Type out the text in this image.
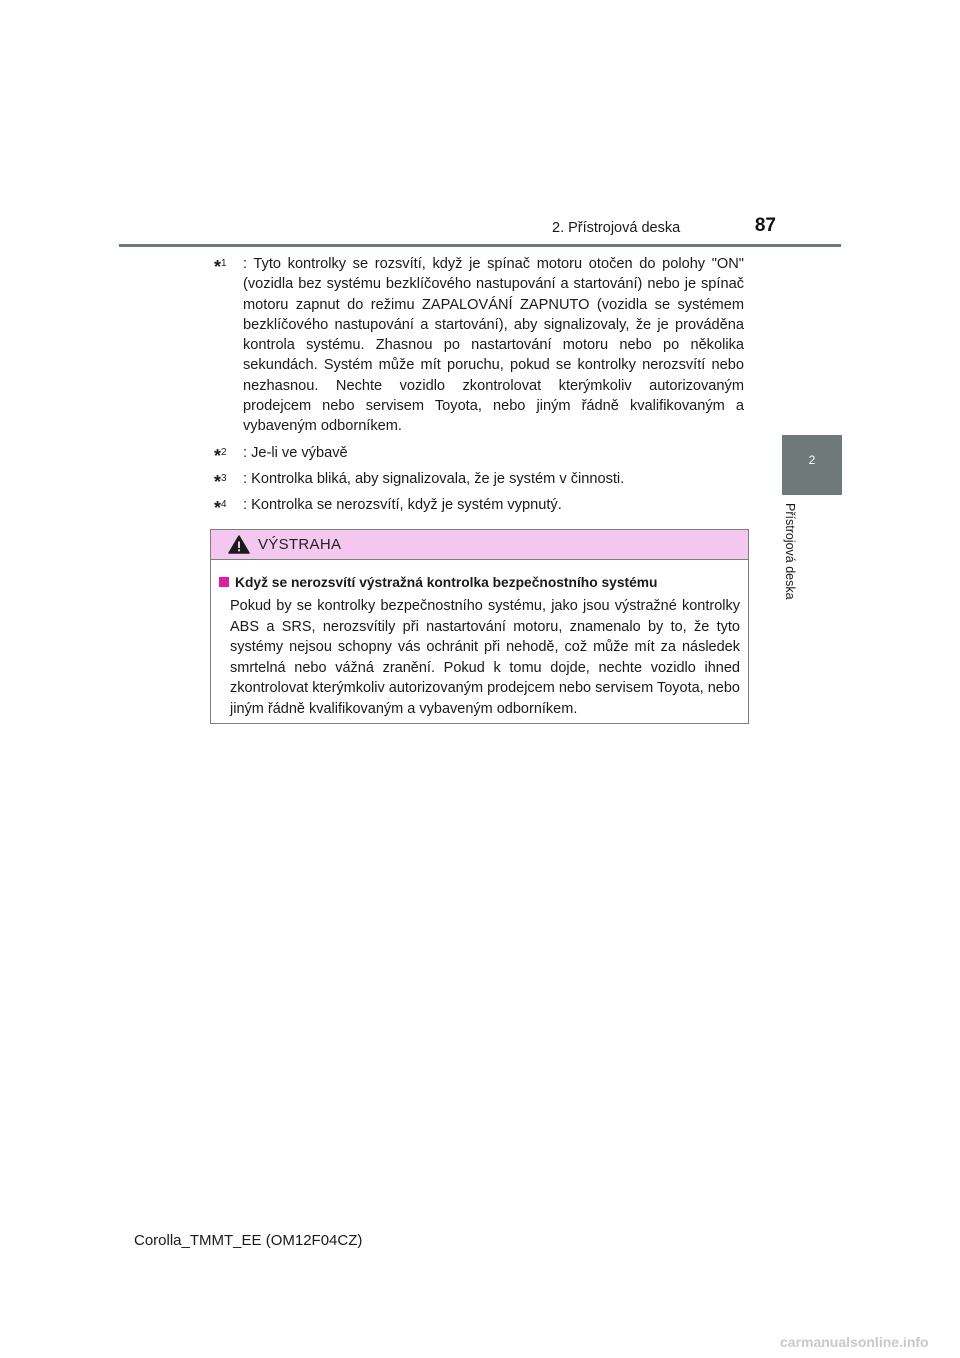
2. Přístrojová deska	87
2
Přístrojová deska
*$^1$ : Tyto kontrolky se rozsvítí, když je spínač motoru otočen do polohy "ON" (vozidla bez systému bezklíčového nastupování a startování) nebo je spínač motoru zapnut do režimu ZAPALOVÁNÍ ZAPNUTO (vozidla se systémem bezklíčového nastupování a startování), aby signalizovaly, že je prováděna kontrola systému. Zhasnou po nastartování motoru nebo po několika sekundách. Systém může mít poruchu, pokud se kontrolky nerozsvítí nebo nezhasnou. Nechte vozidlo zkontrolovat kterýmkoliv autorizovaným prodejcem nebo servisem Toyota, nebo jiným řádně kvalifikovaným a vybaveným odborníkem.
*$^2$ : Je-li ve výbavě
*$^3$ : Kontrolka bliká, aby signalizovala, že je systém v činnosti.
*$^4$ : Kontrolka se nerozsvítí, když je systém vypnutý.
VÝSTRAHA
Když se nerozsvítí výstražná kontrolka bezpečnostního systému
Pokud by se kontrolky bezpečnostního systému, jako jsou výstražné kontrolky ABS a SRS, nerozsvítily při nastartování motoru, znamenalo by to, že tyto systémy nejsou schopny vás ochránit při nehodě, což může mít za následek smrtelná nebo vážná zranění. Pokud k tomu dojde, nechte vozidlo ihned zkontrolovat kterýmkoliv autorizovaným prodejcem nebo servisem Toyota, nebo jiným řádně kvalifikovaným a vybaveným odborníkem.
Corolla_TMMT_EE (OM12F04CZ)
carmanualsonline.info
